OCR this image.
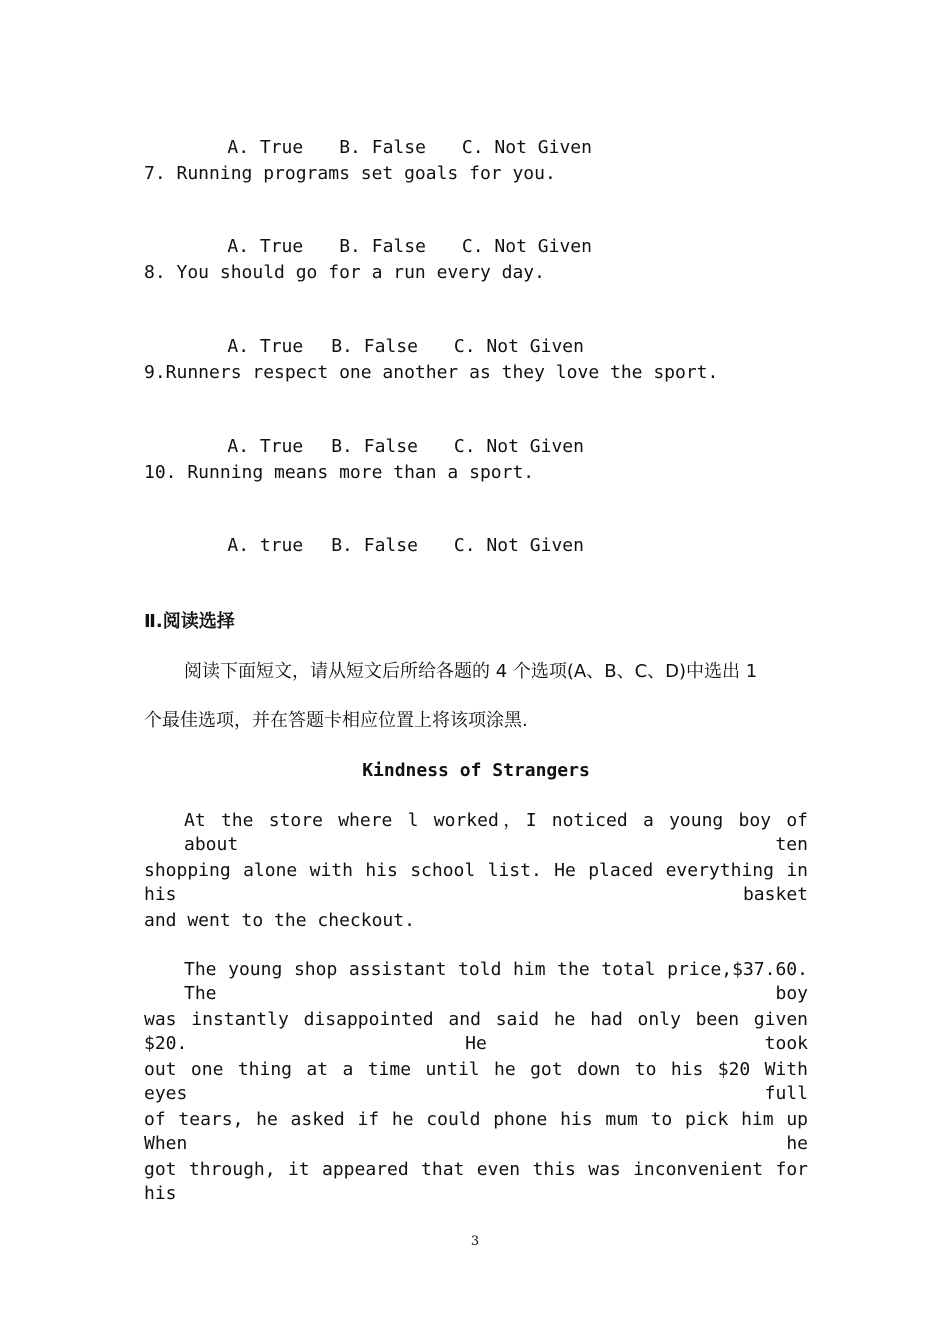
A. True B. False C. Not Given

7. Running programs set goals for you.

A. True B. False C. Not Given

8. You should go for a run every day.

A. True B. False C. Not Given

9.Runners respect one another as they love the sport.

A. True B. False C. Not Given

10. Running means more than a sport.

A. true B. False C. Not Given

Ⅱ.阅读选择
阅读下面短文，请从短文后所给各题的 4 个选项(A、B、C、D)中选出 1
个最佳选项，并在答题卡相应位置上将该项涂黑.
Kindness of Strangers
At the store where l worked，I noticed a young boy of about ten
shopping alone with his school list. He placed everything in his basket
and went to the checkout.
The young shop assistant told him the total price,$37.60. The boy
was instantly disappointed and said he had only been given $20. He took
out one thing at a time until he got down to his $20 With eyes full
of tears, he asked if he could phone his mum to pick him up When he
got through, it appeared that even this was inconvenient for his
3
